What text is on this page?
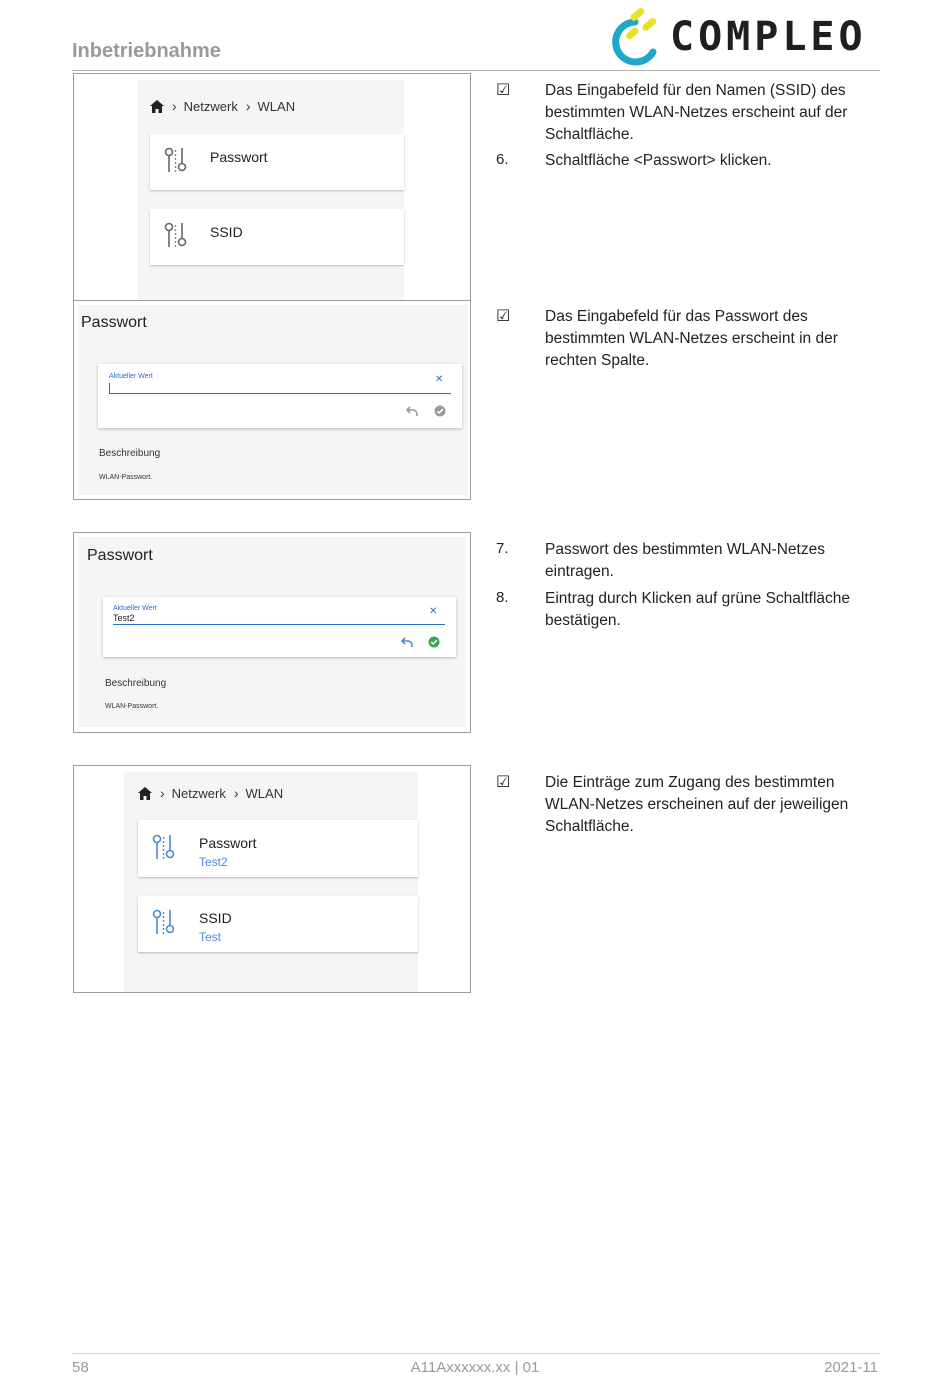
Inbetriebnahme	COMPLEO
› Netzwerk › WLAN
Passwort
SSID
Passwort
Aktueller Wert	✕
Beschreibung
WLAN-Passwort.
Passwort
Aktueller Wert
Test2
✕
Beschreibung
WLAN-Passwort.
› Netzwerk › WLAN
Passwort
Test2
SSID
Test
☑ Das Eingabefeld für den Namen (SSID) des bestimmten WLAN-Netzes erscheint auf der Schaltfläche.
6. Schaltfläche <Passwort> klicken.
☑ Das Eingabefeld für das Passwort des bestimmten WLAN-Netzes erscheint in der rechten Spalte.
7. Passwort des bestimmten WLAN-Netzes eintragen.
8. Eintrag durch Klicken auf grüne Schaltfläche bestätigen.
☑ Die Einträge zum Zugang des bestimmten WLAN-Netzes erscheinen auf der jeweiligen Schaltfläche.
58	A11Axxxxxx.xx | 01	2021-11
